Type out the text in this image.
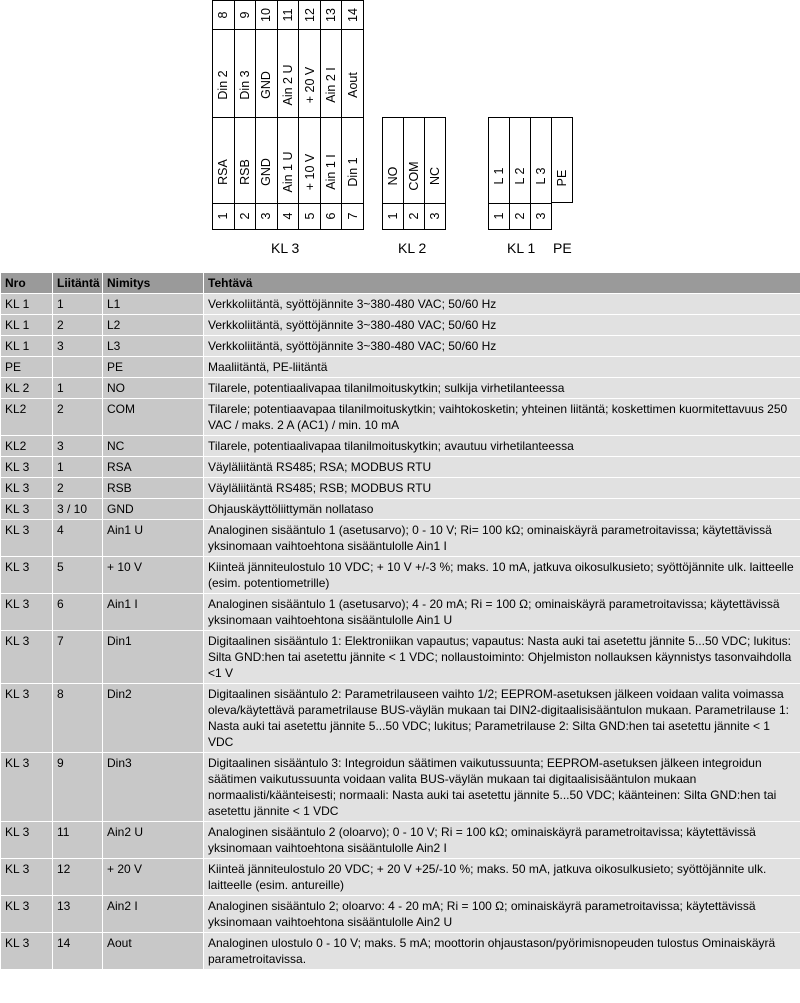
8
Din 2
9
Din 3
10
GND
11
Ain 2 U
12
+ 20 V
13
Ain 2 I
14
Aout
RSA
1
RSB
2
GND
3
Ain 1 U
4
+ 10 V
5
Ain 1 I
6
Din 1
7
NO
1
COM
2
NC
3
L 1
1
L 2
2
L 3
3
PE
KL 3	KL 2	KL 1 PE
Nro	Liitäntä	Nimitys	Tehtävä
KL 1	1	L1	Verkkoliitäntä, syöttöjännite 3~380-480 VAC; 50/60 Hz
KL 1	2	L2	Verkkoliitäntä, syöttöjännite 3~380-480 VAC; 50/60 Hz
KL 1	3	L3	Verkkoliitäntä, syöttöjännite 3~380-480 VAC; 50/60 Hz
PE		PE	Maaliitäntä, PE-liitäntä
KL 2	1	NO	Tilarele, potentiaalivapaa tilanilmoituskytkin; sulkija virhetilanteessa
KL2	2	COM	Tilarele; potentiaavapaa tilanilmoituskytkin; vaihtokosketin; yhteinen liitäntä; koskettimen kuormitettavuus 250 VAC / maks. 2 A (AC1) / min. 10 mA
KL2	3	NC	Tilarele, potentiaalivapaa tilanilmoituskytkin; avautuu virhetilanteessa
KL 3	1	RSA	Väyläliitäntä RS485; RSA; MODBUS RTU
KL 3	2	RSB	Väyläliitäntä RS485; RSB; MODBUS RTU
KL 3	3 / 10	GND	Ohjauskäyttöliittymän nollataso
KL 3	4	Ain1 U	Analoginen sisääntulo 1 (asetusarvo); 0 - 10 V; Ri= 100 kΩ; ominaiskäyrä parametroitavissa; käytettävissä yksinomaan vaihtoehtona sisääntulolle Ain1 I
KL 3	5	+ 10 V	Kiinteä jänniteulostulo 10 VDC; + 10 V +/-3 %; maks. 10 mA, jatkuva oikosulkusieto; syöttöjännite ulk. laitteelle (esim. potentiometrille)
KL 3	6	Ain1 I	Analoginen sisääntulo 1 (asetusarvo); 4 - 20 mA; Ri = 100 Ω; ominaiskäyrä parametroitavissa; käytettävissä yksinomaan vaihtoehtona sisääntulolle Ain1 U
KL 3	7	Din1	Digitaalinen sisääntulo 1: Elektroniikan vapautus; vapautus: Nasta auki tai asetettu jännite 5...50 VDC; lukitus: Silta GND:hen tai asetettu jännite < 1 VDC; nollaustoiminto: Ohjelmiston nollauksen käynnistys tasonvaihdolla <1 V
KL 3	8	Din2	Digitaalinen sisääntulo 2: Parametrilauseen vaihto 1/2; EEPROM-asetuksen jälkeen voidaan valita voimassa oleva/käytettävä parametrilause BUS-väylän mukaan tai DIN2-digitaalisisääntulon mukaan. Parametrilause 1: Nasta auki tai asetettu jännite 5...50 VDC; lukitus; Parametrilause 2: Silta GND:hen tai asetettu jännite < 1 VDC
KL 3	9	Din3	Digitaalinen sisääntulo 3: Integroidun säätimen vaikutussuunta; EEPROM-asetuksen jälkeen integroidun säätimen vaikutussuunta voidaan valita BUS-väylän mukaan tai digitaalisisääntulon mukaan normaalisti/kääntеisesti; normaali: Nasta auki tai asetettu jännite 5...50 VDC; kääntеinen: Silta GND:hen tai asetettu jännite < 1 VDC
KL 3	11	Ain2 U	Analoginen sisääntulo 2 (oloarvo); 0 - 10 V; Ri = 100 kΩ; ominaiskäyrä parametroitavissa; käytettävissä yksinomaan vaihtoehtona sisääntulolle Ain2 I
KL 3	12	+ 20 V	Kiinteä jänniteulostulo 20 VDC; + 20 V +25/-10 %; maks. 50 mA, jatkuva oikosulkusieto; syöttöjännite ulk. laitteelle (esim. antureille)
KL 3	13	Ain2 I	Analoginen sisääntulo 2; oloarvo: 4 - 20 mA; Ri = 100 Ω; ominaiskäyrä parametroitavissa; käytettävissä yksinomaan vaihtoehtona sisääntulolle Ain2 U
KL 3	14	Aout	Analoginen ulostulo 0 - 10 V; maks. 5 mA; moottorin ohjaustason/pyörimisnopeuden tulostus Ominaiskäyrä parametroitavissa.
